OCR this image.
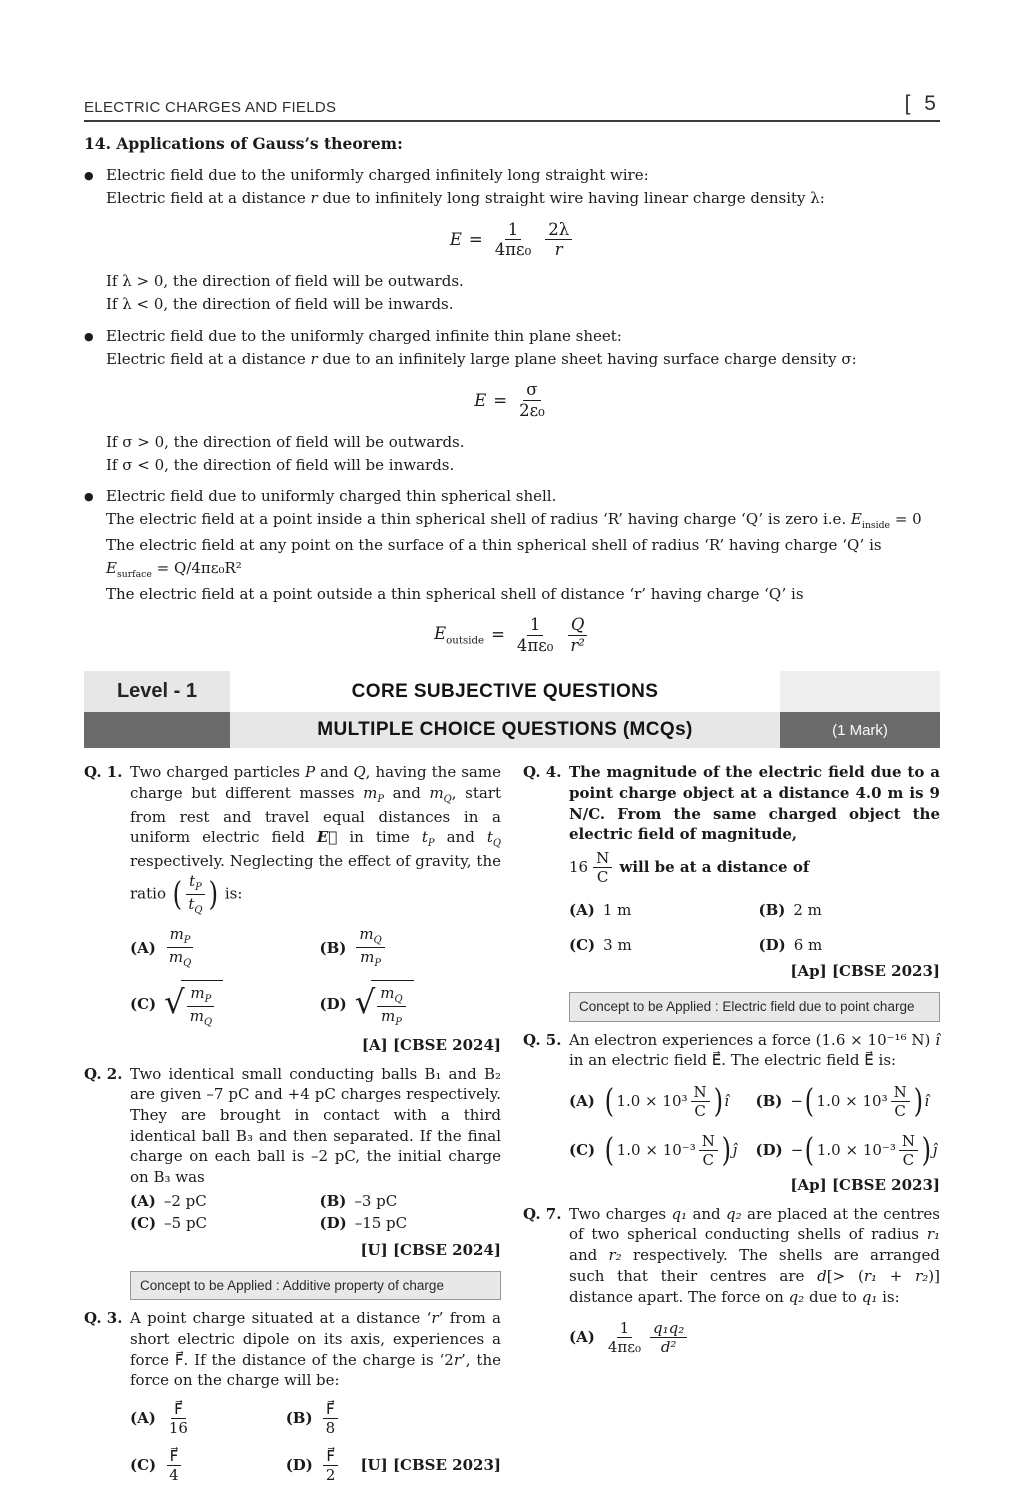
ELECTRIC CHARGES AND FIELDS	[ 5
14. Applications of Gauss’s theorem:
● Electric field due to the uniformly charged infinitely long straight wire:
Electric field at a distance r due to infinitely long straight wire having linear charge density λ:
$E = \frac{1}{\text{4πε₀}} \frac{2\lambda}{r}$
If λ > 0, the direction of field will be outwards.
If λ < 0, the direction of field will be inwards.
● Electric field due to the uniformly charged infinite thin plane sheet:
Electric field at a distance r due to an infinitely large plane sheet having surface charge density σ:
$E = \frac{\sigma}{\text{2ε₀}}$
If σ > 0, the direction of field will be outwards.
If σ < 0, the direction of field will be inwards.
● Electric field due to uniformly charged thin spherical shell.
The electric field at a point inside a thin spherical shell of radius ‘R’ having charge ‘Q’ is zero i.e. $E_{inside} = 0$
The electric field at any point on the surface of a thin spherical shell of radius ‘R’ having charge ‘Q’ is
$E_{surface} = Q/4\pi\varepsilon_0R^2$
The electric field at a point outside a thin spherical shell of distance ‘r’ having charge ‘Q’ is
$E_{outside} = \frac{1}{\text{4πε₀}} \frac{Q}{\text{r²}}$
Level - 1	CORE SUBJECTIVE QUESTIONS
MULTIPLE CHOICE QUESTIONS (MCQs)	(1 Mark)
Q. 1. Two charged particles P and Q, having the same charge but different masses $m_P$ and $m_Q$, start from rest and travel equal distances in a uniform electric field E⃗ in time $t_P$ and $t_Q$ respectively. Neglecting the effect of gravity, the ratio ( $\frac{t_P}{t_Q}$ ) is:

$(A) \frac{m_P}{m_Q}$	$(B) \frac{m_Q}{m_P}$
(C) √ $\frac{m_P}{m_Q}$	(D) √ $\frac{m_Q}{m_P}$
[A] [CBSE 2024]
Q. 2. Two identical small conducting balls B₁ and B₂ are given –7 pC and +4 pC charges respectively. They are brought in contact with a third identical ball B₃ and then separated. If the final charge on each ball is –2 pC, the initial charge on B₃ was

(A) –2 pC	(B) –3 pC
(C) –5 pC	(D) –15 pC
[U] [CBSE 2024]
Concept to be Applied : Additive property of charge
Q. 3. A point charge situated at a distance ‘r’ from a short electric dipole on its axis, experiences a force F⃗. If the distance of the charge is ‘2r’, the force on the charge will be:

$(A) \frac{F⃗}{16}$	$(B) \frac{F⃗}{8}$
$(C) \frac{F⃗}{4}$	$(D) \frac{F⃗}{2} [U]$ [CBSE 2023]
Q. 4. The magnitude of the electric field due to a point charge object at a distance 4.0 m is 9 N/C. From the same charged object the electric field of magnitude,

$16 \frac{N}{C}$ will be at a distance of
(A) 1 m	(B) 2 m
(C) 3 m	(D) 6 m
[Ap] [CBSE 2023]
Concept to be Applied : Electric field due to point charge
Q. 5. An electron experiences a force (1.6 × 10⁻¹⁶ N) î in an electric field E⃗. The electric field E⃗ is:

(A) ( $1.0 \times 10^3 \frac{N}{C}$ ) î (B) − ( $1.0 \times 10^3 \frac{N}{C}$ ) î
(C) ( $1.0 \times 10^{-3} \frac{N}{C}$ ) ĵ (D) − ( $1.0 \times 10^{-3} \frac{N}{C}$ ) ĵ
[Ap] [CBSE 2023]
Q. 7. Two charges q₁ and q₂ are placed at the centres of two spherical conducting shells of radius r₁ and r₂ respectively. The shells are arranged such that their centres are d[> (r₁ + r₂)] distance apart. The force on q₂ due to q₁ is:

$(A) \frac{1}{\text{4πε₀}} \frac{\text{q₁q₂}}{\text{d²}}$
